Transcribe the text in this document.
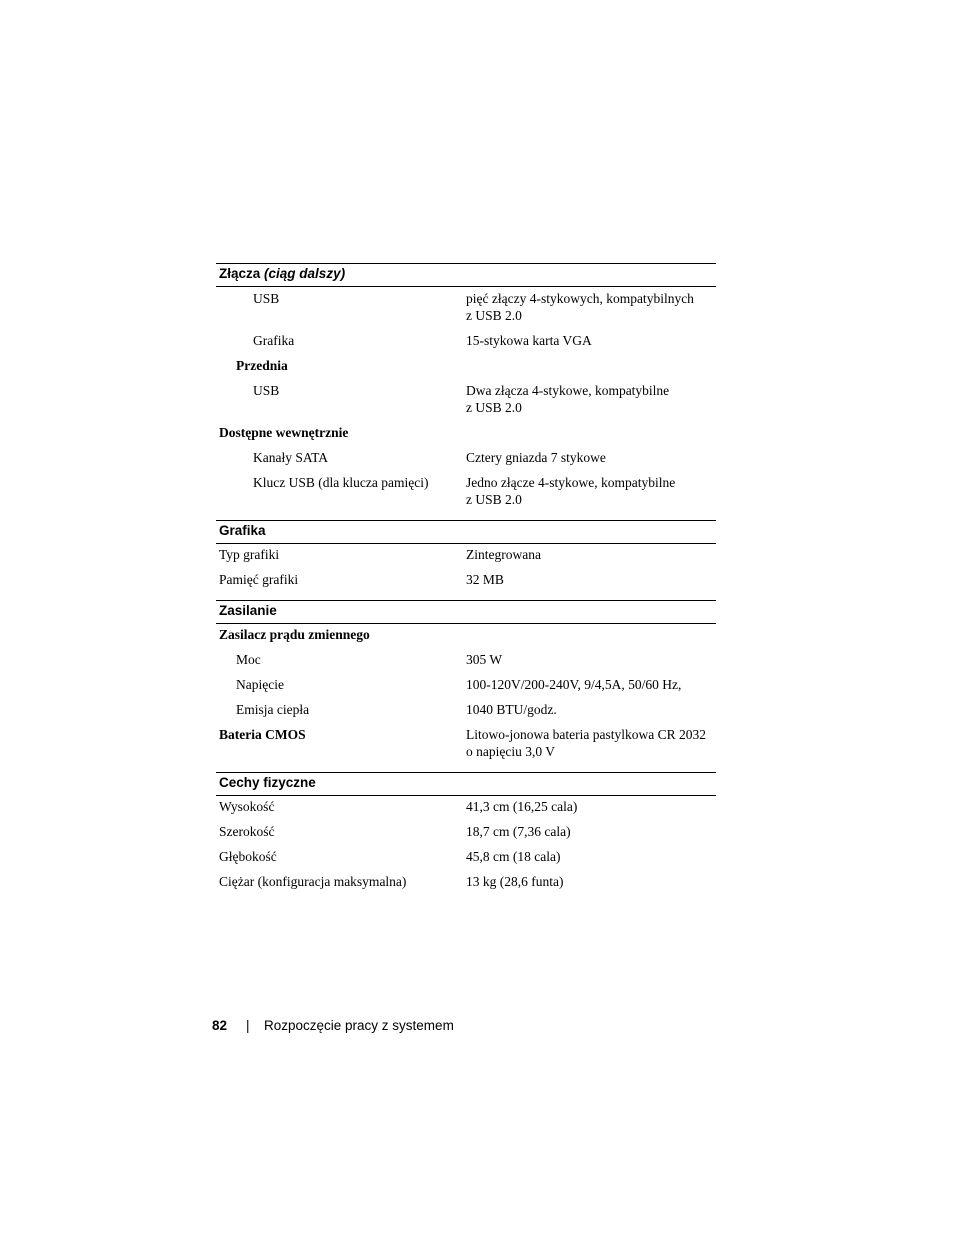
Złącza (ciąg dalszy)
USB	pięć złączy 4-stykowych, kompatybilnych
z USB 2.0
Grafika	15-stykowa karta VGA
Przednia
USB	Dwa złącza 4-stykowe, kompatybilne
z USB 2.0
Dostępne wewnętrznie
Kanały SATA	Cztery gniazda 7 stykowe
Klucz USB (dla klucza pamięci)	Jedno złącze 4-stykowe, kompatybilne
z USB 2.0
Grafika
Typ grafiki	Zintegrowana
Pamięć grafiki	32 MB
Zasilanie
Zasilacz prądu zmiennego
Moc	305 W
Napięcie	100-120V/200-240V, 9/4,5A, 50/60 Hz,
Emisja ciepła	1040 BTU/godz.
Bateria CMOS	Litowo-jonowa bateria pastylkowa CR 2032
o napięciu 3,0 V
Cechy fizyczne
Wysokość	41,3 cm (16,25 cala)
Szerokość	18,7 cm (7,36 cala)
Głębokość	45,8 cm (18 cala)
Ciężar (konfiguracja maksymalna)	13 kg (28,6 funta)
82	|	Rozpoczęcie pracy z systemem
